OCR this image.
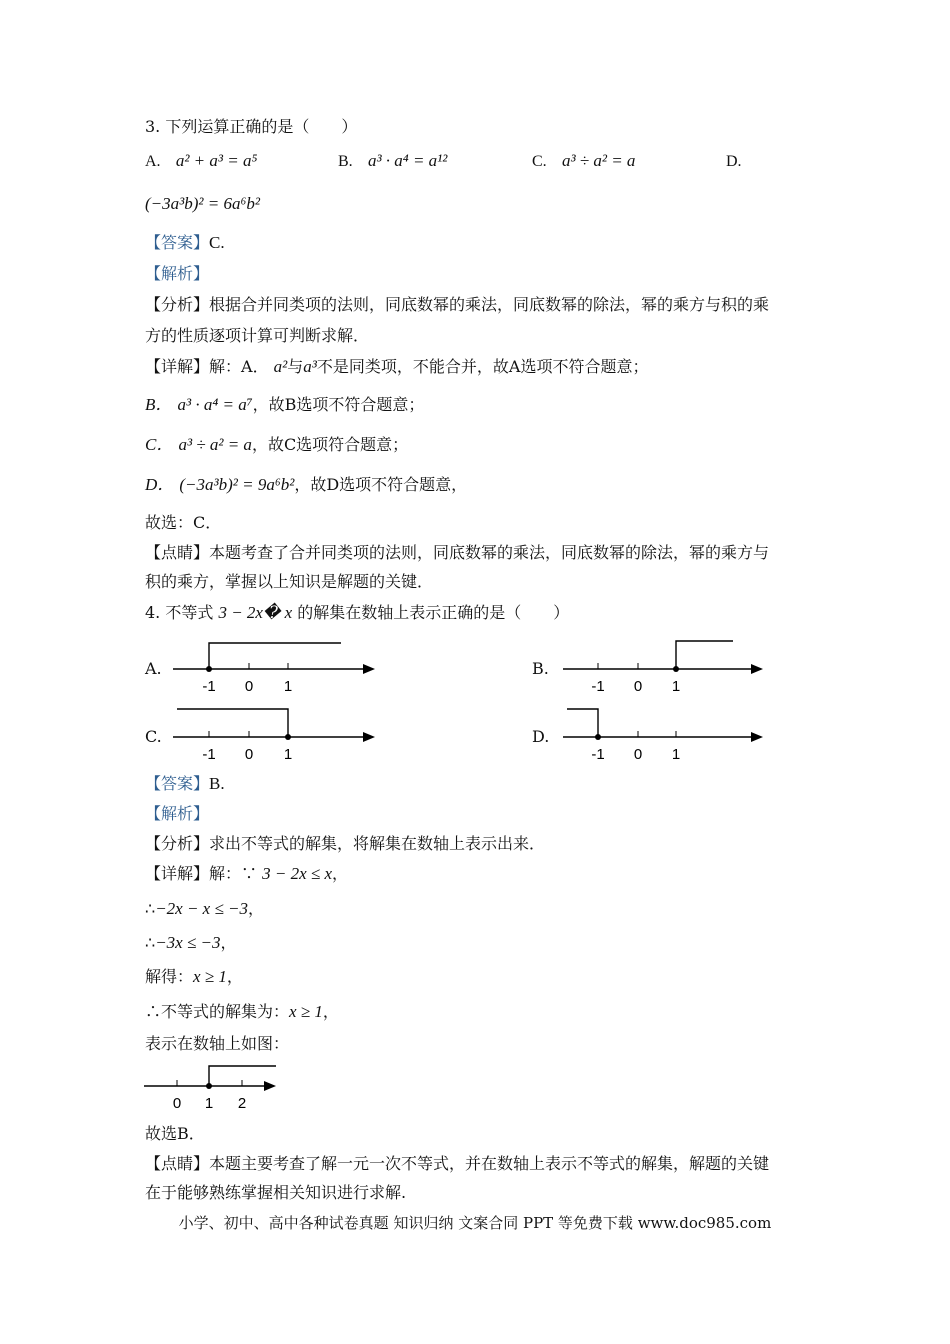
3. 下列运算正确的是（　　）
A. a² + a³ = a⁵	B. a³ · a⁴ = a¹²	C. a³ ÷ a² = a	D.
(−3a³b)² = 6a⁶b²
【答案】C.
【解析】
【分析】根据合并同类项的法则，同底数幂的乘法，同底数幂的除法，幂的乘方与积的乘
方的性质逐项计算可判断求解．
【详解】解：A． a²与a³不是同类项，不能合并，故A选项不符合题意；
B． a³ · a⁴ = a⁷，故B选项不符合题意；
C． a³ ÷ a² = a，故C选项符合题意；
D． (−3a³b)² = 9a⁶b²，故D选项不符合题意，
故选：C．
【点睛】本题考查了合并同类项的法则，同底数幂的乘法，同底数幂的除法，幂的乘方与
积的乘方，掌握以上知识是解题的关键．
4. 不等式 3 − 2x� x 的解集在数轴上表示正确的是（　　）
A.
-1 0 1
B.
-1 0 1
C.
-1 0 1
D.
-1 0 1
【答案】B.
【解析】
【分析】求出不等式的解集，将解集在数轴上表示出来．
【详解】解：∵ 3 − 2x ≤ x，
∴−2x − x ≤ −3，
∴−3x ≤ −3，
解得：x ≥ 1，
∴不等式的解集为：x ≥ 1，
表示在数轴上如图：
0 1 2
故选B．
【点睛】本题主要考查了解一元一次不等式，并在数轴上表示不等式的解集，解题的关键
在于能够熟练掌握相关知识进行求解.
小学、初中、高中各种试卷真题 知识归纳 文案合同 PPT 等免费下载 www.doc985.com
